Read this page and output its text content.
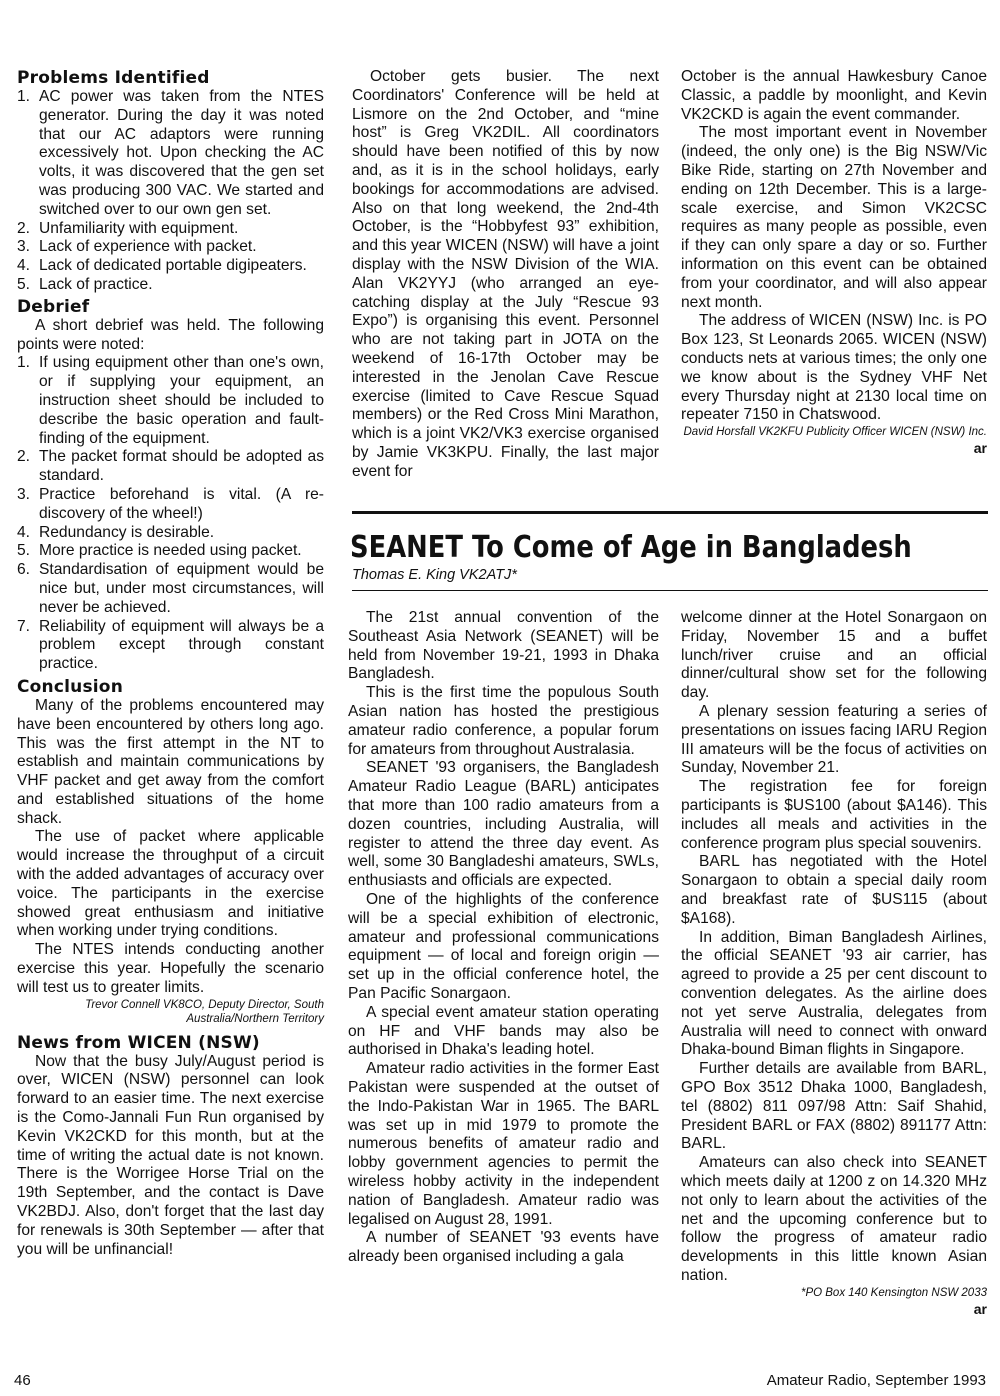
Problems Identified
1. AC power was taken from the NTES generator. During the day it was noted that our AC adaptors were running excessively hot. Upon checking the AC volts, it was discovered that the gen set was producing 300 VAC. We started and switched over to our own gen set.
2. Unfamiliarity with equipment.
3. Lack of experience with packet.
4. Lack of dedicated portable digipeaters.
5. Lack of practice.
Debrief

A short debrief was held. The following points were noted:

1. If using equipment other than one's own, or if supplying your equipment, an instruction sheet should be included to describe the basic operation and fault-finding of the equipment.
2. The packet format should be adopted as standard.
3. Practice beforehand is vital. (A re-discovery of the wheel!)
4. Redundancy is desirable.
5. More practice is needed using packet.
6. Standardisation of equipment would be nice but, under most circumstances, will never be achieved.
7. Reliability of equipment will always be a problem except through constant practice.
Conclusion

Many of the problems encountered may have been encountered by others long ago. This was the first attempt in the NT to establish and maintain communications by VHF packet and get away from the comfort and established situations of the home shack.

The use of packet where applicable would increase the throughput of a circuit with the added advantages of accuracy over voice. The participants in the exercise showed great enthusiasm and initiative when working under trying conditions.

The NTES intends conducting another exercise this year. Hopefully the scenario will test us to greater limits.

Trevor Connell VK8CO, Deputy Director, South Australia/Northern Territory
News from WICEN (NSW)

Now that the busy July/August period is over, WICEN (NSW) personnel can look forward to an easier time. The next exercise is the Como-Jannali Fun Run organised by Kevin VK2CKD for this month, but at the time of writing the actual date is not known. There is the Worrigee Horse Trial on the 19th September, and the contact is Dave VK2BDJ. Also, don't forget that the last day for renewals is 30th September — after that you will be unfinancial!

October gets busier. The next Coordinators' Conference will be held at Lismore on the 2nd October, and “mine host” is Greg VK2DIL. All coordinators should have been notified of this by now and, as it is in the school holidays, early bookings for accommodations are advised. Also on that long weekend, the 2nd-4th October, is the “Hobbyfest 93” exhibition, and this year WICEN (NSW) will have a joint display with the NSW Division of the WIA. Alan VK2YYJ (who arranged an eye-catching display at the July “Rescue 93 Expo”) is organising this event. Personnel who are not taking part in JOTA on the weekend of 16-17th October may be interested in the Jenolan Cave Rescue exercise (limited to Cave Rescue Squad members) or the Red Cross Mini Marathon, which is a joint VK2/VK3 exercise organised by Jamie VK3KPU. Finally, the last major event for

October is the annual Hawkesbury Canoe Classic, a paddle by moonlight, and Kevin VK2CKD is again the event commander.

The most important event in November (indeed, the only one) is the Big NSW/Vic Bike Ride, starting on 27th November and ending on 12th December. This is a large-scale exercise, and Simon VK2CSC requires as many people as possible, even if they can only spare a day or so. Further information on this event can be obtained from your coordinator, and will also appear next month.

The address of WICEN (NSW) Inc. is PO Box 123, St Leonards 2065. WICEN (NSW) conducts nets at various times; the only one we know about is the Sydney VHF Net every Thursday night at 2130 local time on repeater 7150 in Chatswood.

David Horsfall VK2KFU Publicity Officer WICEN (NSW) Inc.
ar
SEANET To Come of Age in Bangladesh
Thomas E. King VK2ATJ*

The 21st annual convention of the Southeast Asia Network (SEANET) will be held from November 19-21, 1993 in Dhaka Bangladesh.

This is the first time the populous South Asian nation has hosted the prestigious amateur radio conference, a popular forum for amateurs from throughout Australasia.

SEANET '93 organisers, the Bangladesh Amateur Radio League (BARL) anticipates that more than 100 radio amateurs from a dozen countries, including Australia, will register to attend the three day event. As well, some 30 Bangladeshi amateurs, SWLs, enthusiasts and officials are expected.

One of the highlights of the conference will be a special exhibition of electronic, amateur and professional communications equipment — of local and foreign origin — set up in the official conference hotel, the Pan Pacific Sonargaon.

A special event amateur station operating on HF and VHF bands may also be authorised in Dhaka's leading hotel.

Amateur radio activities in the former East Pakistan were suspended at the outset of the Indo-Pakistan War in 1965. The BARL was set up in mid 1979 to promote the numerous benefits of amateur radio and lobby government agencies to permit the wireless hobby activity in the independent nation of Bangladesh. Amateur radio was legalised on August 28, 1991.

A number of SEANET '93 events have already been organised including a gala

welcome dinner at the Hotel Sonargaon on Friday, November 15 and a buffet lunch/river cruise and an official dinner/cultural show set for the following day.

A plenary session featuring a series of presentations on issues facing IARU Region III amateurs will be the focus of activities on Sunday, November 21.

The registration fee for foreign participants is $US100 (about $A146). This includes all meals and activities in the conference program plus special souvenirs.

BARL has negotiated with the Hotel Sonargaon to obtain a special daily room and breakfast rate of $US115 (about $A168).

In addition, Biman Bangladesh Airlines, the official SEANET '93 air carrier, has agreed to provide a 25 per cent discount to convention delegates. As the airline does not yet serve Australia, delegates from Australia will need to connect with onward Dhaka-bound Biman flights in Singapore.

Further details are available from BARL, GPO Box 3512 Dhaka 1000, Bangladesh, tel (8802) 811 097/98 Attn: Saif Shahid, President BARL or FAX (8802) 891177 Attn: BARL.

Amateurs can also check into SEANET which meets daily at 1200 z on 14.320 MHz not only to learn about the activities of the net and the upcoming conference but to follow the progress of amateur radio developments in this little known Asian nation.

*PO Box 140 Kensington NSW 2033
ar
46	Amateur Radio, September 1993
